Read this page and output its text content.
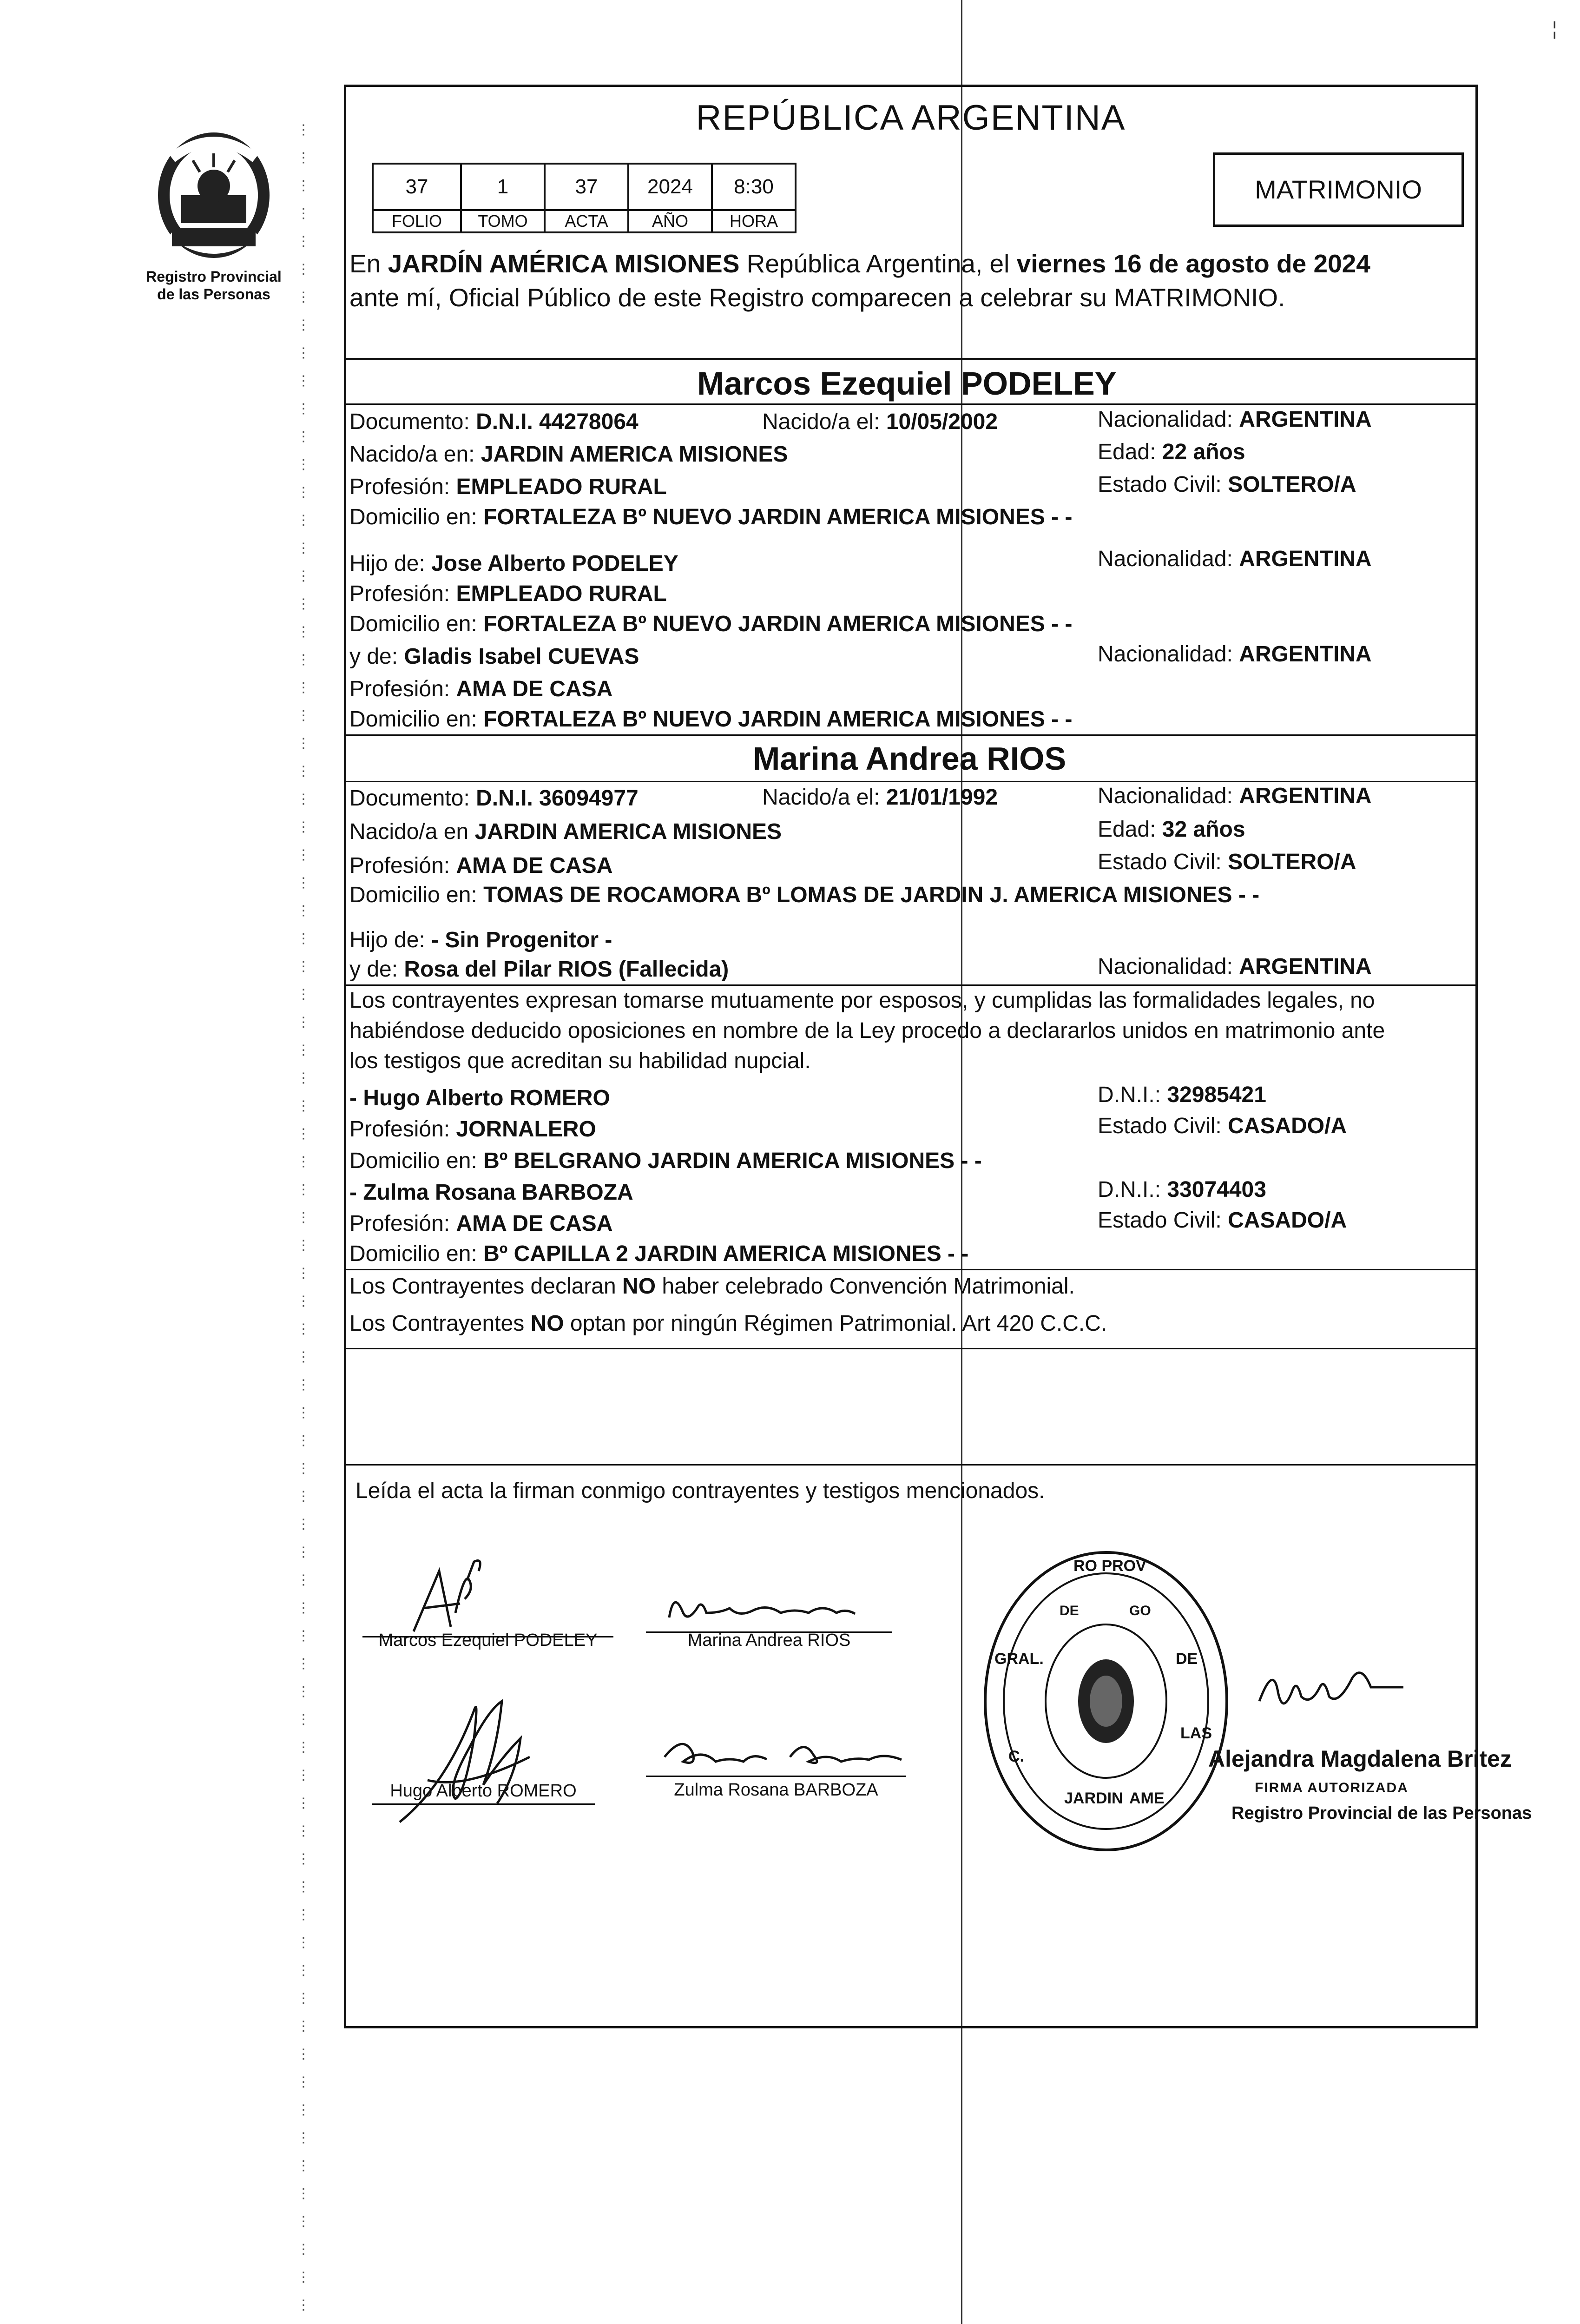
¦
Registro Provincial
de las Personas
⋮
⋮
⋮
⋮
⋮
⋮
⋮
⋮
⋮
⋮
⋮
⋮
⋮
⋮
⋮
⋮
⋮
⋮
⋮
⋮
⋮
⋮
⋮
⋮
⋮
⋮
⋮
⋮
⋮
⋮
⋮
⋮
⋮
⋮
⋮
⋮
⋮
⋮
⋮
⋮
⋮
⋮
⋮
⋮
⋮
⋮
⋮
⋮
⋮
⋮
⋮
⋮
⋮
⋮
⋮
⋮
⋮
⋮
⋮
⋮
⋮
⋮
⋮
⋮
⋮
⋮
⋮
⋮
⋮
⋮
⋮
⋮
⋮
⋮
⋮
⋮
⋮
⋮
⋮

REPÚBLICA ARGENTINA
37	1	37	2024	8:30
FOLIO	TOMO	ACTA	AÑO	HORA
MATRIMONIO
En JARDÍN AMÉRICA MISIONES República Argentina, el viernes 16 de agosto de 2024
ante mí, Oficial Público de este Registro comparecen a celebrar su MATRIMONIO.
Marcos Ezequiel PODELEY
Documento: D.N.I. 44278064	Nacido/a el: 10/05/2002	Nacionalidad: ARGENTINA
Nacido/a en: JARDIN AMERICA MISIONES	Edad: 22 años
Profesión: EMPLEADO RURAL	Estado Civil: SOLTERO/A
Domicilio en: FORTALEZA Bº NUEVO JARDIN AMERICA MISIONES - -
Hijo de: Jose Alberto PODELEY	Nacionalidad: ARGENTINA
Profesión: EMPLEADO RURAL
Domicilio en: FORTALEZA Bº NUEVO JARDIN AMERICA MISIONES - -
y de: Gladis Isabel CUEVAS	Nacionalidad: ARGENTINA
Profesión: AMA DE CASA
Domicilio en: FORTALEZA Bº NUEVO JARDIN AMERICA MISIONES - -
Marina Andrea RIOS
Documento: D.N.I. 36094977	Nacido/a el: 21/01/1992	Nacionalidad: ARGENTINA
Nacido/a en JARDIN AMERICA MISIONES	Edad: 32 años
Profesión: AMA DE CASA	Estado Civil: SOLTERO/A
Domicilio en: TOMAS DE ROCAMORA Bº LOMAS DE JARDIN J. AMERICA MISIONES - -
Hijo de: - Sin Progenitor -
y de: Rosa del Pilar RIOS (Fallecida)	Nacionalidad: ARGENTINA
Los contrayentes expresan tomarse mutuamente por esposos, y cumplidas las formalidades legales, no
habiéndose deducido oposiciones en nombre de la Ley procedo a declararlos unidos en matrimonio ante
los testigos que acreditan su habilidad nupcial.
- Hugo Alberto ROMERO	D.N.I.: 32985421
Profesión: JORNALERO	Estado Civil: CASADO/A
Domicilio en: Bº BELGRANO JARDIN AMERICA MISIONES - -
- Zulma Rosana BARBOZA	D.N.I.: 33074403
Profesión: AMA DE CASA	Estado Civil: CASADO/A
Domicilio en: Bº CAPILLA 2 JARDIN AMERICA MISIONES - -
Los Contrayentes declaran NO haber celebrado Convención Matrimonial.
Los Contrayentes NO optan por ningún Régimen Patrimonial. Art 420 C.C.C.
Leída el acta la firman conmigo contrayentes y testigos mencionados.
Marcos Ezequiel PODELEY	Marina Andrea RIOS
Hugo Alberto ROMERO	Zulma Rosana BARBOZA
RO PROV
GRAL.	DE
LAS
C.
JARDIN AME
DE	GO
Alejandra Magdalena Britez
FIRMA AUTORIZADA
Registro Provincial de las Personas
